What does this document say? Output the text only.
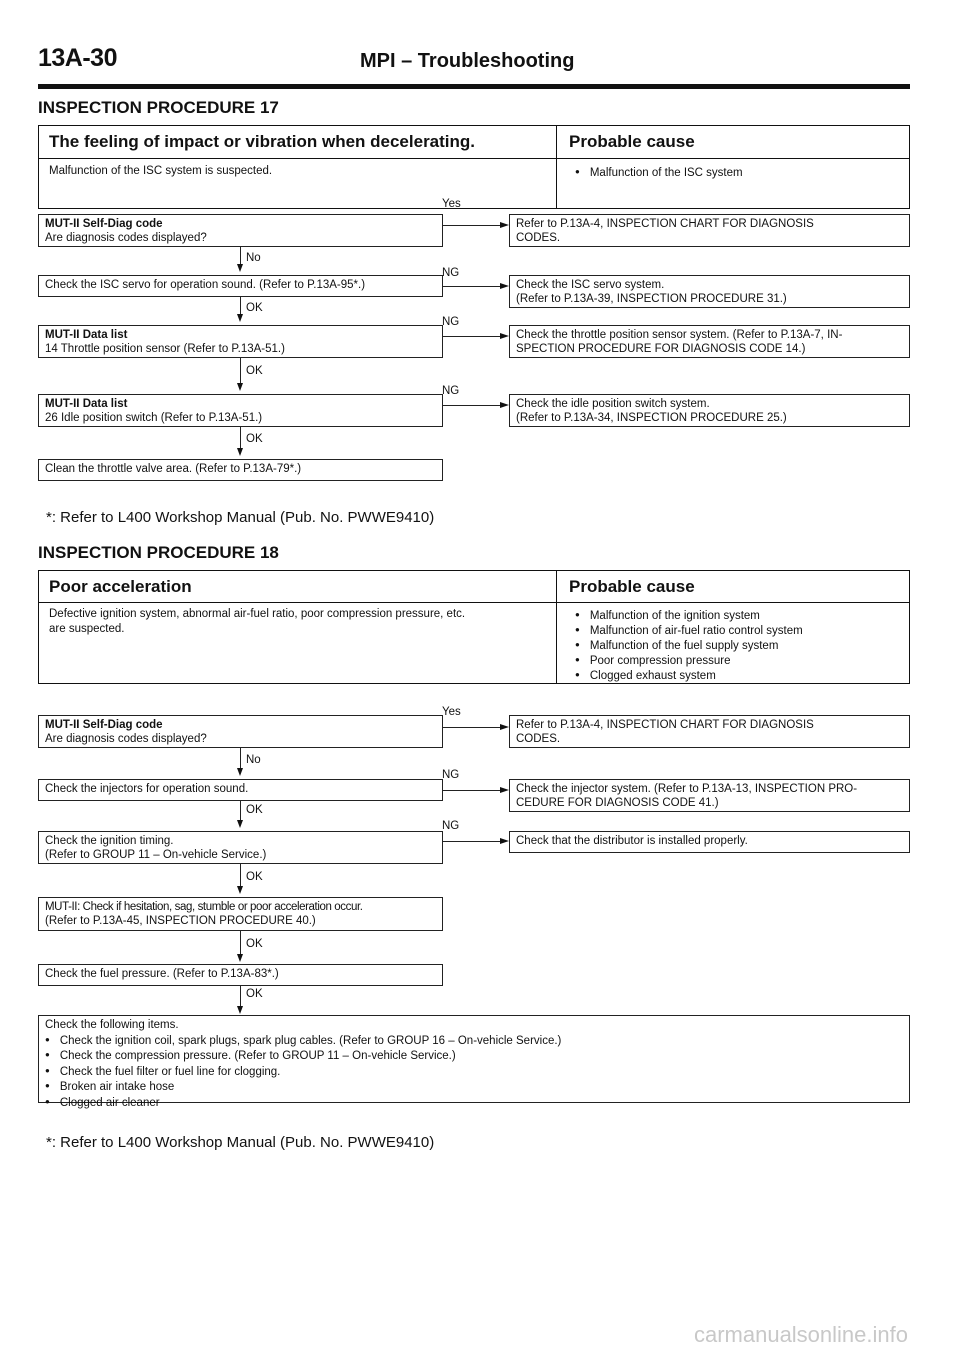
13A-30	MPI – Troubleshooting
INSPECTION PROCEDURE 17
The feeling of impact or vibration when decelerating.	Probable cause
Malfunction of the ISC system is suspected.
●	Malfunction of the ISC system
MUT-II Self-Diag code
Are diagnosis codes displayed?
Yes
Refer to P.13A-4, INSPECTION CHART FOR DIAGNOSIS
CODES.
No
Check the ISC servo for operation sound. (Refer to P.13A-95*.)
NG
Check the ISC servo system.
(Refer to P.13A-39, INSPECTION PROCEDURE 31.)
OK
MUT-II Data list
14 Throttle position sensor (Refer to P.13A-51.)
NG
Check the throttle position sensor system. (Refer to P.13A-7, IN-
SPECTION PROCEDURE FOR DIAGNOSIS CODE 14.)
OK
MUT-II Data list
26 Idle position switch (Refer to P.13A-51.)
NG
Check the idle position switch system.
(Refer to P.13A-34, INSPECTION PROCEDURE 25.)
OK
Clean the throttle valve area. (Refer to P.13A-79*.)
*: Refer to L400 Workshop Manual (Pub. No. PWWE9410)
INSPECTION PROCEDURE 18
Poor acceleration	Probable cause
Defective ignition system, abnormal air-fuel ratio, poor compression pressure, etc.
are suspected.
● Malfunction of the ignition system
● Malfunction of air-fuel ratio control system
● Malfunction of the fuel supply system
● Poor compression pressure
● Clogged exhaust system
MUT-II Self-Diag code
Are diagnosis codes displayed?
Yes
Refer to P.13A-4, INSPECTION CHART FOR DIAGNOSIS
CODES.
No
Check the injectors for operation sound.
NG
Check the injector system. (Refer to P.13A-13, INSPECTION PRO-
CEDURE FOR DIAGNOSIS CODE 41.)
OK
Check the ignition timing.
(Refer to GROUP 11 – On-vehicle Service.)
NG
Check that the distributor is installed properly.
OK
MUT-II: Check if hesitation, sag, stumble or poor acceleration occur.
(Refer to P.13A-45, INSPECTION PROCEDURE 40.)
OK
Check the fuel pressure. (Refer to P.13A-83*.)
OK
Check the following items.
● Check the ignition coil, spark plugs, spark plug cables. (Refer to GROUP 16 – On-vehicle Service.)
● Check the compression pressure. (Refer to GROUP 11 – On-vehicle Service.)
● Check the fuel filter or fuel line for clogging.
● Broken air intake hose
● Clogged air cleaner
*: Refer to L400 Workshop Manual (Pub. No. PWWE9410)
carmanualsonline.info
